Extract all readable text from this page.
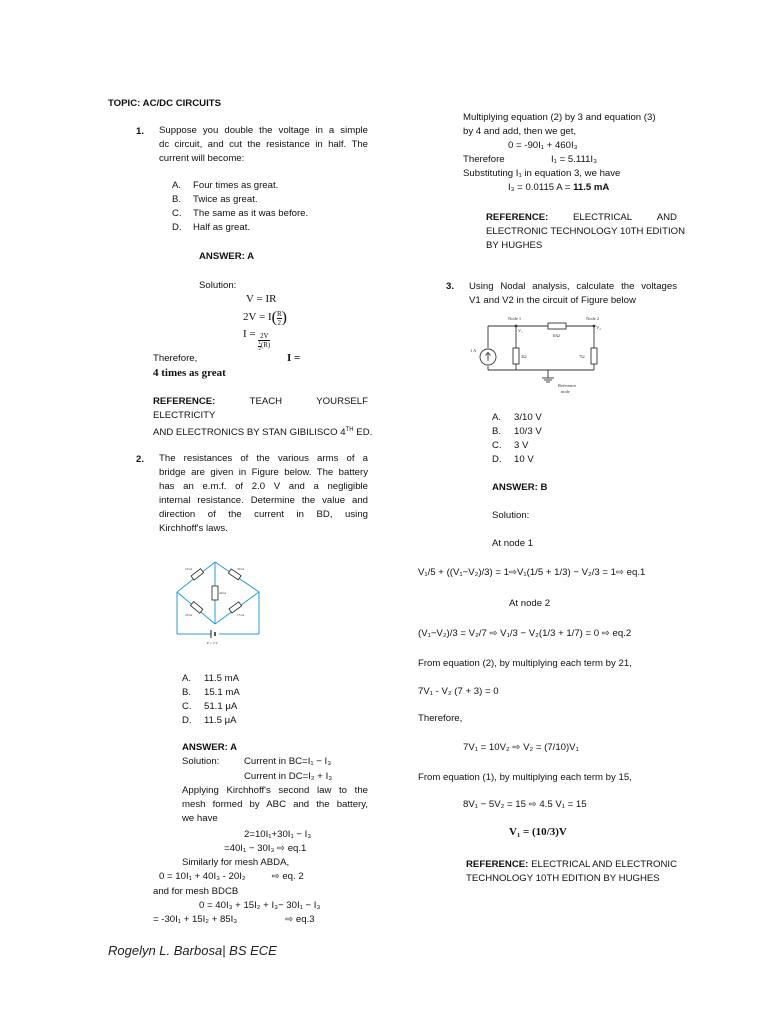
TOPIC: AC/DC CIRCUITS
1. Suppose you double the voltage in a simple
dc circuit, and cut the resistance in half. The
current will become:
A. Four times as great.
B. Twice as great.
C. The same as it was before.
D. Half as great.
ANSWER: A
Solution:
V = IR
$2V = I( \frac{R}{2}$ )
$I = \frac{2V}{\frac{1}{2} (R)}$
Therefore,	I =
4 times as great
REFERENCE:	TEACH YOURSELF ELECTRICITY
AND ELECTRONICS BY STAN GIBILISCO 4TH ED.
2. The resistances of the various arms of a
bridge are given in Figure below. The battery
has an e.m.f. of 2.0 V and a negligible
internal resistance. Determine the value and
direction of the current in BD, using
Kirchhoff's laws.
10 Ω	30 Ω
20 Ω	15 Ω
40 Ω
E = 2 V
A. 11.5 mA
B. 15.1 mA
C. 51.1 μA
D. 11.5 μA
ANSWER: A
Solution:	Current in BC=I₁ − I₃
Current in DC=I₂ + I₃
Applying Kirchhoff's second law to the
mesh formed by ABC and the battery,
we have
2=10I₁+30I₁ − I₃
=40I₁ − 30I₃ ⇨ eq.1
Similarly for mesh ABDA,
0 = 10I₁ + 40I₃ - 20I₂	⇨ eq. 2
and for mesh BDCB
0 = 40I₃ + 15I₂ + I₃− 30I₁ − I₃
= -30I₁ + 15I₂ + 85I₃	⇨ eq.3
Multiplying equation (2) by 3 and equation (3)
by 4 and add, then we get,
0 = -90I₁ + 460I₃
Therefore	I₁ = 5.111I₃
Substituting I₁ in equation 3, we have
I₃ = 0.0115 A = 11.5 mA
REFERENCE:	ELECTRICAL	AND
ELECTRONIC TECHNOLOGY 10TH EDITION
BY HUGHES
3. Using Nodal analysis, calculate the voltages
V1 and V2 in the circuit of Figure below
Node 1	Node 2
V₁
V₂
10Ω
3Ω	7Ω
1 A
Reference
node
A. 3/10 V
B. 10/3 V
C. 3 V
D. 10 V
ANSWER: B
Solution:
At node 1
V₁/5 + ((V₁−V₂)/3) = 1⇨V₁(1/5 + 1/3) − V₂/3 = 1⇨ eq.1
At node 2
(V₁−V₂)/3 = V₂/7 ⇨ V₁/3 − V₂(1/3 + 1/7) = 0 ⇨ eq.2
From equation (2), by multiplying each term by 21,
7V₁ - V₂ (7 + 3) = 0
Therefore,
7V₁ = 10V₂ ⇨ V₂ = (7/10)V₁
From equation (1), by multiplying each term by 15,
8V₁ − 5V₂ = 15 ⇨ 4.5 V₁ = 15
V₁ = (10/3)V
REFERENCE: ELECTRICAL AND ELECTRONIC
TECHNOLOGY 10TH EDITION BY HUGHES
Rogelyn L. Barbosa| BS ECE
